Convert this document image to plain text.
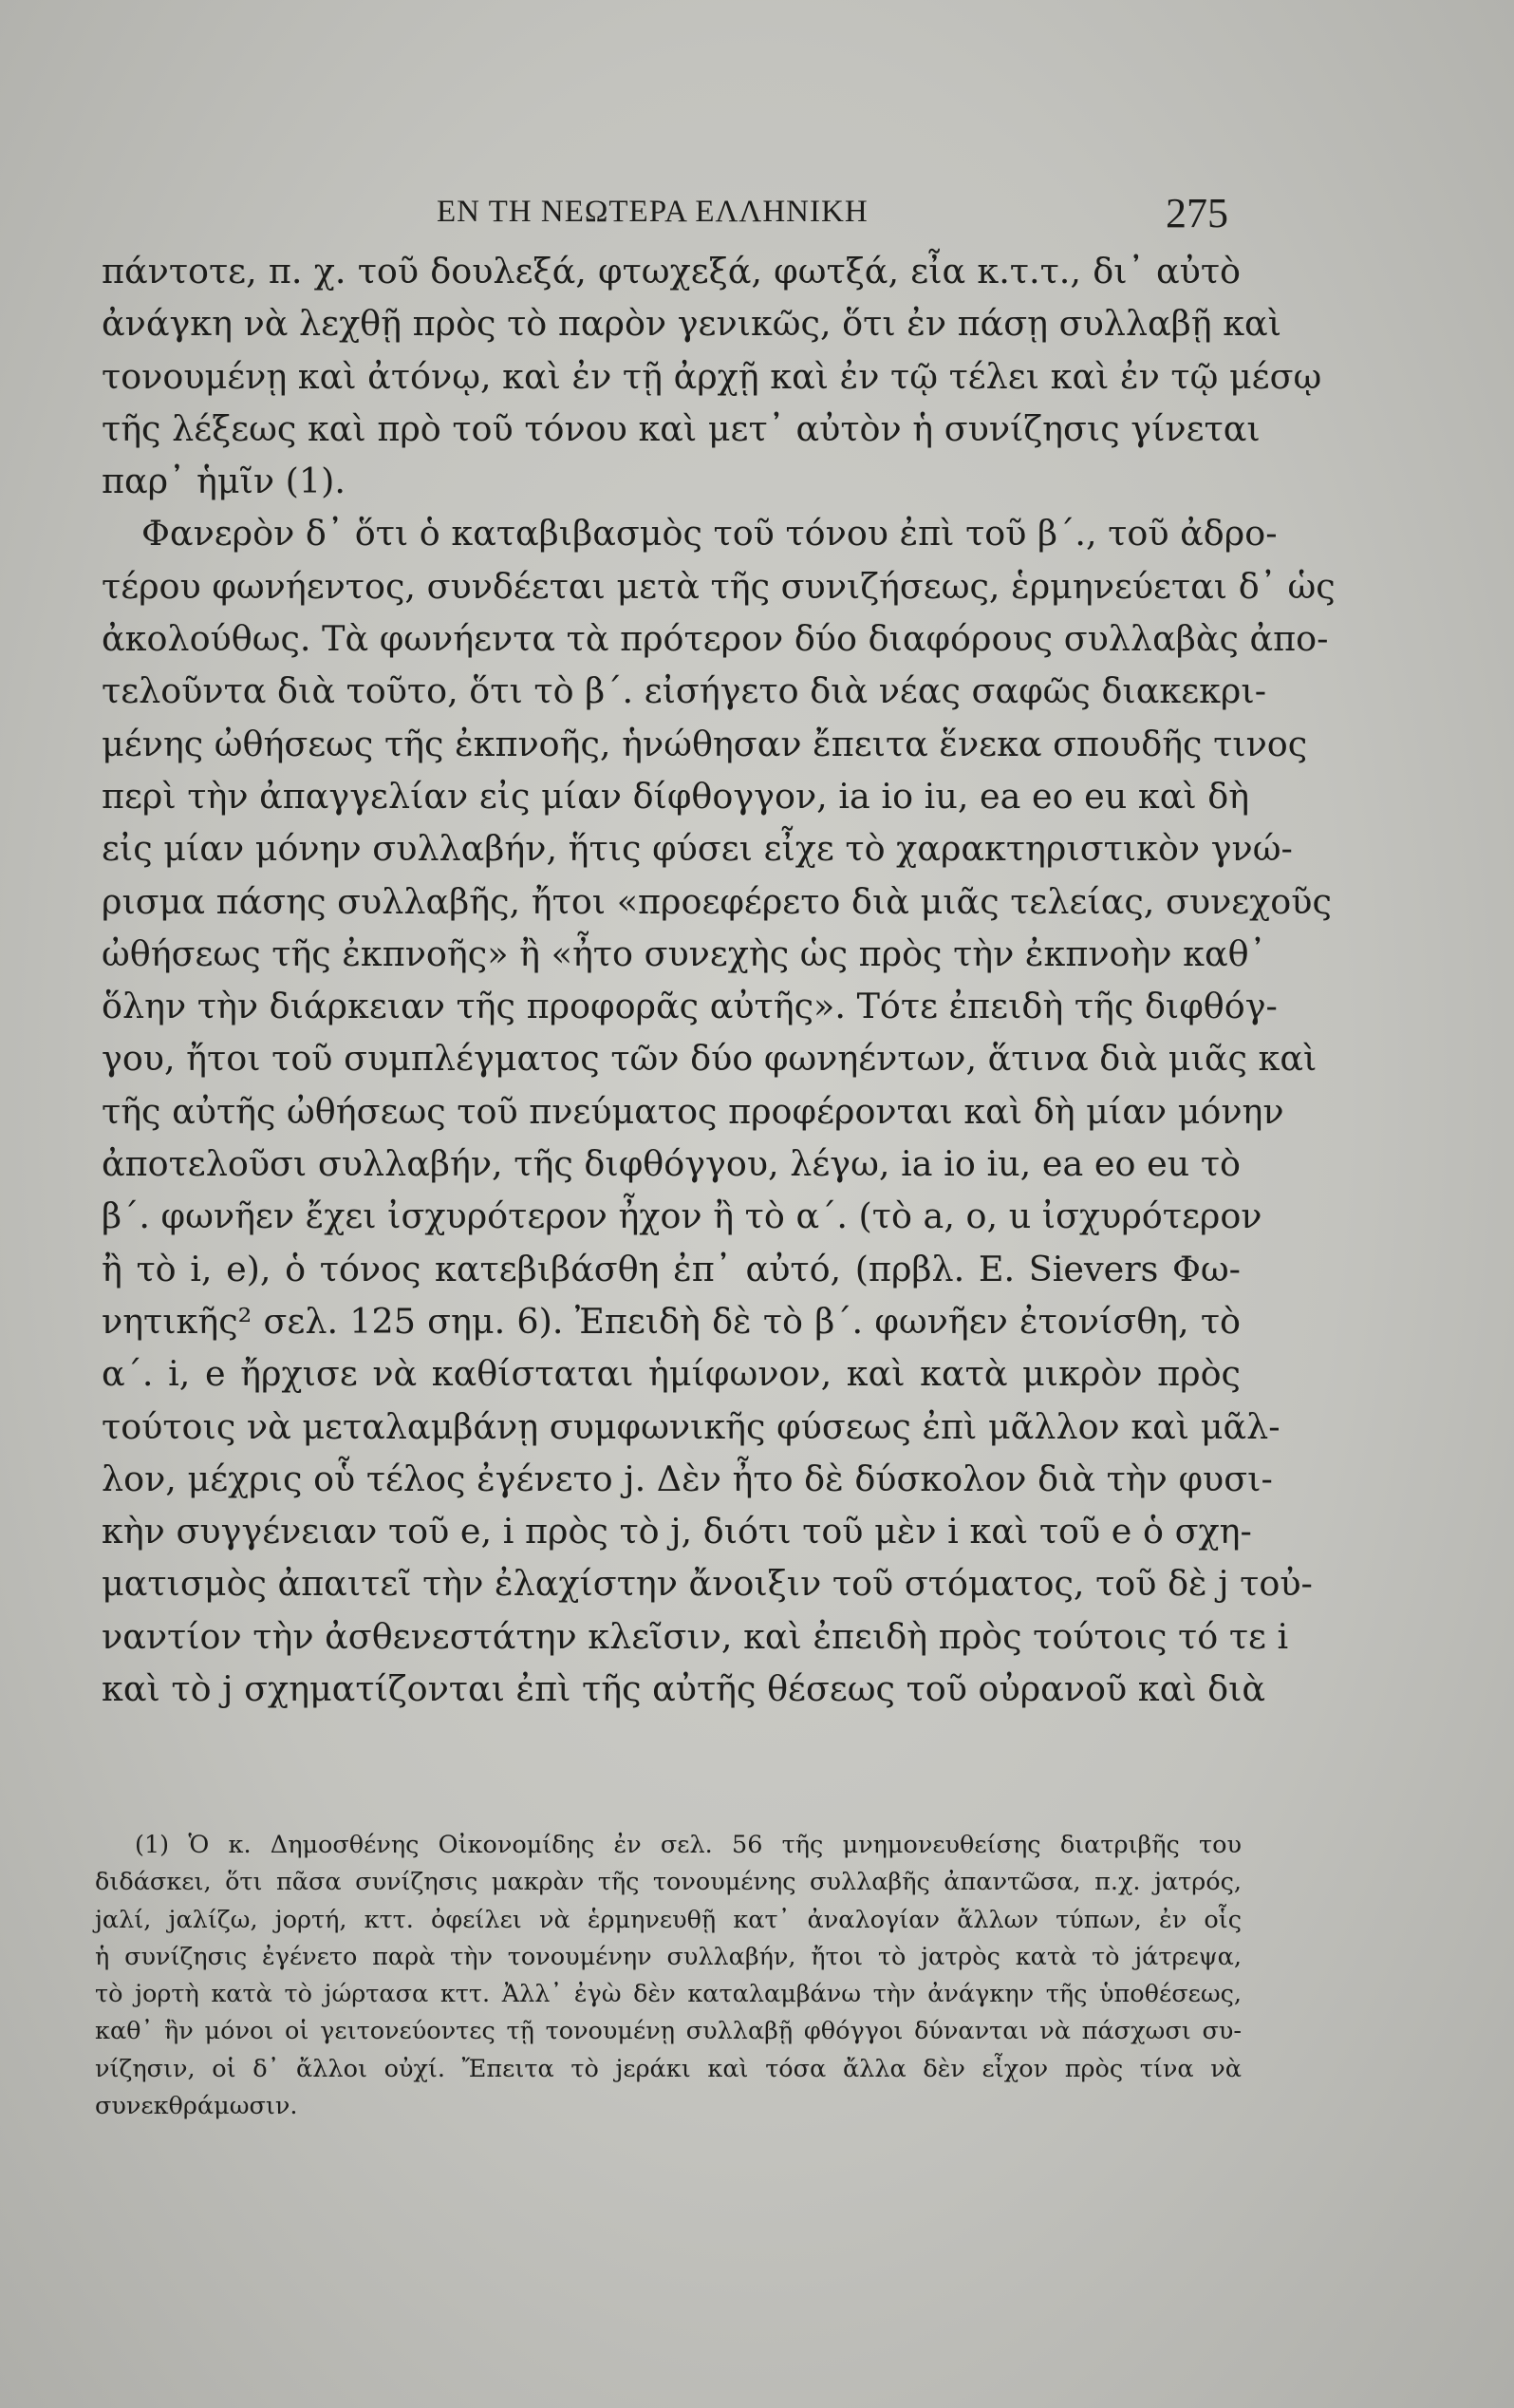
ΕΝ ΤΗ ΝΕΩΤΕΡΑ ΕΛΛΗΝΙΚΗ	275
πάντοτε, π. χ. τοῦ δουλεξά, φτωχεξά, φωτξά, εἶα κ.τ.τ., δι᾽ αὐτὸ
ἀνάγκη νὰ λεχθῇ πρὸς τὸ παρὸν γενικῶς, ὅτι ἐν πάσῃ συλλαβῇ καὶ
τονουμένῃ καὶ ἀτόνῳ, καὶ ἐν τῇ ἀρχῇ καὶ ἐν τῷ τέλει καὶ ἐν τῷ μέσῳ
τῆς λέξεως καὶ πρὸ τοῦ τόνου καὶ μετ᾽ αὐτὸν ἡ συνίζησις γίνεται
παρ᾽ ἡμῖν (1).
Φανερὸν δ᾽ ὅτι ὁ καταβιβασμὸς τοῦ τόνου ἐπὶ τοῦ β΄., τοῦ ἀδρο-
τέρου φωνήεντος, συνδέεται μετὰ τῆς συνιζήσεως, ἑρμηνεύεται δ᾽ ὡς
ἀκολούθως. Τὰ φωνήεντα τὰ πρότερον δύο διαφόρους συλλαβὰς ἀπο-
τελοῦντα διὰ τοῦτο, ὅτι τὸ β΄. εἰσήγετο διὰ νέας σαφῶς διακεκρι-
μένης ὠθήσεως τῆς ἐκπνοῆς, ἡνώθησαν ἔπειτα ἕνεκα σπουδῆς τινος
περὶ τὴν ἀπαγγελίαν εἰς μίαν δίφθογγον, ia io iu, ea eo eu καὶ δὴ
εἰς μίαν μόνην συλλαβήν, ἥτις φύσει εἶχε τὸ χαρακτηριστικὸν γνώ-
ρισμα πάσης συλλαβῆς, ἤτοι «προεφέρετο διὰ μιᾶς τελείας, συνεχοῦς
ὠθήσεως τῆς ἐκπνοῆς» ἢ «ἦτο συνεχὴς ὡς πρὸς τὴν ἐκπνοὴν καθ᾽
ὅλην τὴν διάρκειαν τῆς προφορᾶς αὐτῆς». Τότε ἐπειδὴ τῆς διφθόγ-
γου, ἤτοι τοῦ συμπλέγματος τῶν δύο φωνηέντων, ἅτινα διὰ μιᾶς καὶ
τῆς αὐτῆς ὠθήσεως τοῦ πνεύματος προφέρονται καὶ δὴ μίαν μόνην
ἀποτελοῦσι συλλαβήν, τῆς διφθόγγου, λέγω, ia io iu, ea eo eu τὸ
β΄. φωνῆεν ἔχει ἰσχυρότερον ἦχον ἢ τὸ α΄. (τὸ a, o, u ἰσχυρότερον
ἢ τὸ i, e), ὁ τόνος κατεβιβάσθη ἐπ᾽ αὐτό, (πρβλ. E. Sievers Φω-
νητικῆς² σελ. 125 σημ. 6). Ἐπειδὴ δὲ τὸ β΄. φωνῆεν ἐτονίσθη, τὸ
α΄. i, e ἤρχισε νὰ καθίσταται ἡμίφωνον, καὶ κατὰ μικρὸν πρὸς
τούτοις νὰ μεταλαμβάνῃ συμφωνικῆς φύσεως ἐπὶ μᾶλλον καὶ μᾶλ-
λον, μέχρις οὗ τέλος ἐγένετο j. Δὲν ἦτο δὲ δύσκολον διὰ τὴν φυσι-
κὴν συγγένειαν τοῦ e, i πρὸς τὸ j, διότι τοῦ μὲν i καὶ τοῦ e ὁ σχη-
ματισμὸς ἀπαιτεῖ τὴν ἐλαχίστην ἄνοιξιν τοῦ στόματος, τοῦ δὲ j τοὐ-
ναντίον τὴν ἀσθενεστάτην κλεῖσιν, καὶ ἐπειδὴ πρὸς τούτοις τό τε i
καὶ τὸ j σχηματίζονται ἐπὶ τῆς αὐτῆς θέσεως τοῦ οὐρανοῦ καὶ διὰ
(1) Ὁ κ. Δημοσθένης Οἰκονομίδης ἐν σελ. 56 τῆς μνημονευθείσης διατριβῆς του
διδάσκει, ὅτι πᾶσα συνίζησις μακρὰν τῆς τονουμένης συλλαβῆς ἀπαντῶσα, π.χ. jατρός,
jαλί, jαλίζω, jορτή, κττ. ὀφείλει νὰ ἑρμηνευθῇ κατ᾽ ἀναλογίαν ἄλλων τύπων, ἐν οἷς
ἡ συνίζησις ἐγένετο παρὰ τὴν τονουμένην συλλαβήν, ἤτοι τὸ jατρὸς κατὰ τὸ jάτρεψα,
τὸ jορτὴ κατὰ τὸ jώρτασα κττ. Ἀλλ᾽ ἐγὼ δὲν καταλαμβάνω τὴν ἀνάγκην τῆς ὑποθέσεως,
καθ᾽ ἣν μόνοι οἱ γειτονεύοντες τῇ τονουμένῃ συλλαβῇ φθόγγοι δύνανται νὰ πάσχωσι συ-
νίζησιν, οἱ δ᾽ ἄλλοι οὐχί. Ἔπειτα τὸ jεράκι καὶ τόσα ἄλλα δὲν εἶχον πρὸς τίνα νὰ
συνεκθράμωσιν.
